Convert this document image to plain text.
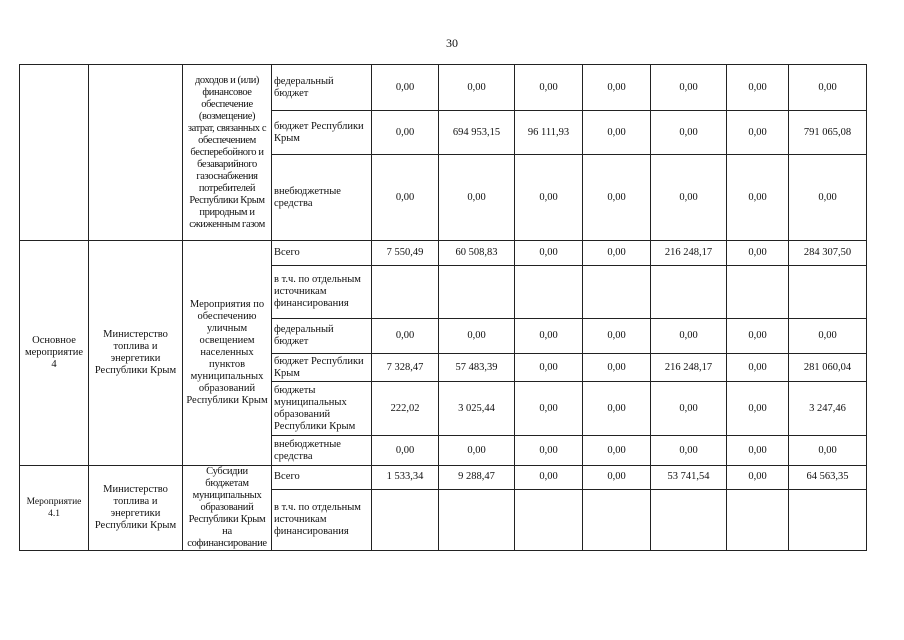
30
		доходов и (или) финансовое обеспечение (возмещение) затрат, связанных с обеспечением бесперебойного и безаварийного газоснабжения потребителей Республики Крым природным и сжиженным газом	федеральный бюджет	0,00	0,00	0,00	0,00	0,00	0,00	0,00
			бюджет Республики Крым	0,00	694 953,15	96 111,93	0,00	0,00	0,00	791 065,08
			внебюджетные средства	0,00	0,00	0,00	0,00	0,00	0,00	0,00
Основное мероприятие 4	Министерство топлива и энергетики Республики Крым	Мероприятия по обеспечению уличным освещением населенных пунктов муниципальных образований Республики Крым	Всего	7 550,49	60 508,83	0,00	0,00	216 248,17	0,00	284 307,50
			в т.ч. по отдельным источникам финансирования							
			федеральный бюджет	0,00	0,00	0,00	0,00	0,00	0,00	0,00
			бюджет Республики Крым	7 328,47	57 483,39	0,00	0,00	216 248,17	0,00	281 060,04
			бюджеты муниципальных образований Республики Крым	222,02	3 025,44	0,00	0,00	0,00	0,00	3 247,46
			внебюджетные средства	0,00	0,00	0,00	0,00	0,00	0,00	0,00
Мероприятие 4.1	Министерство топлива и энергетики Республики Крым	Субсидии бюджетам муниципальных образований Республики Крым на софинансирование	Всего	1 533,34	9 288,47	0,00	0,00	53 741,54	0,00	64 563,35
			в т.ч. по отдельным источникам финансирования							
